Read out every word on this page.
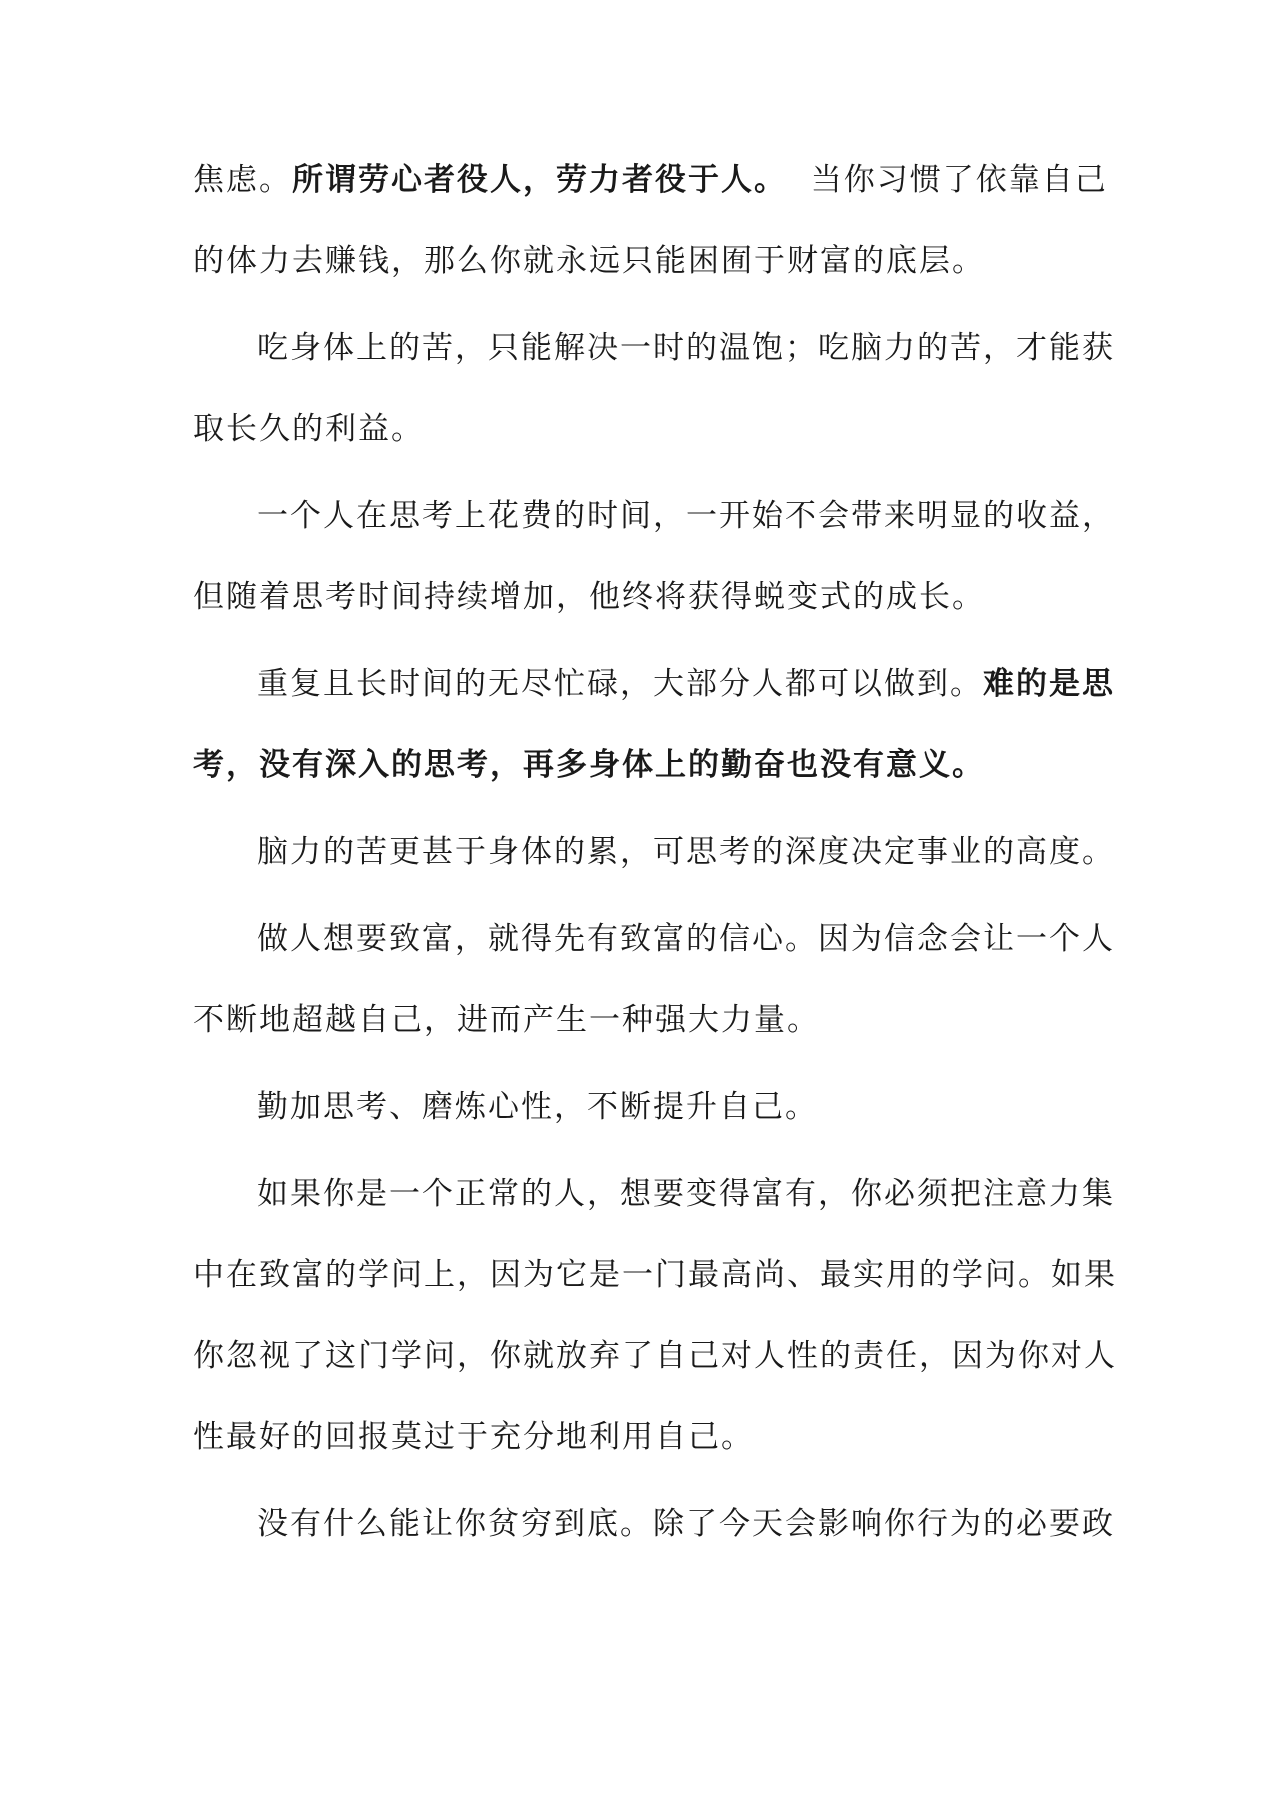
焦虑。所谓劳心者役人，劳力者役于人。  当你习惯了依靠自己
的体力去赚钱，那么你就永远只能困囿于财富的底层。
吃身体上的苦，只能解决一时的温饱；吃脑力的苦，才能获
取长久的利益。
一个人在思考上花费的时间，一开始不会带来明显的收益，
但随着思考时间持续增加，他终将获得蜕变式的成长。
重复且长时间的无尽忙碌，大部分人都可以做到。难的是思
考，没有深入的思考，再多身体上的勤奋也没有意义。
脑力的苦更甚于身体的累，可思考的深度决定事业的高度。
做人想要致富，就得先有致富的信心。因为信念会让一个人
不断地超越自己，进而产生一种强大力量。
勤加思考、磨炼心性，不断提升自己。
如果你是一个正常的人，想要变得富有，你必须把注意力集
中在致富的学问上，因为它是一门最高尚、最实用的学问。如果
你忽视了这门学问，你就放弃了自己对人性的责任，因为你对人
性最好的回报莫过于充分地利用自己。
没有什么能让你贫穷到底。除了今天会影响你行为的必要政
